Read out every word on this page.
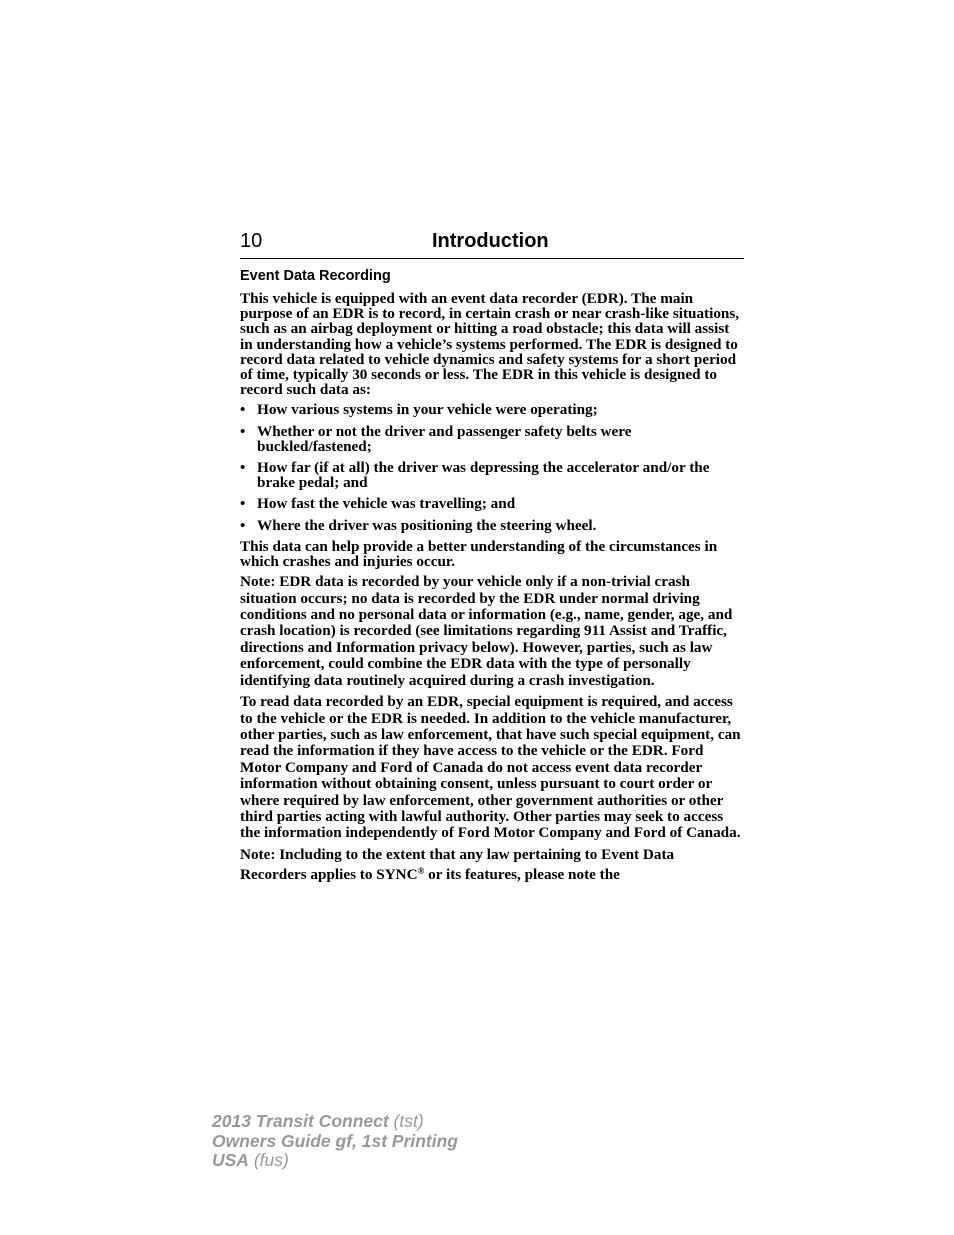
10	Introduction
Event Data Recording

This vehicle is equipped with an event data recorder (EDR). The main purpose of an EDR is to record, in certain crash or near crash-like situations, such as an airbag deployment or hitting a road obstacle; this data will assist in understanding how a vehicle’s systems performed. The EDR is designed to record data related to vehicle dynamics and safety systems for a short period of time, typically 30 seconds or less. The EDR in this vehicle is designed to record such data as:

• How various systems in your vehicle were operating;
• Whether or not the driver and passenger safety belts were buckled/fastened;
• How far (if at all) the driver was depressing the accelerator and/or the brake pedal; and
• How fast the vehicle was travelling; and
• Where the driver was positioning the steering wheel.

This data can help provide a better understanding of the circumstances in which crashes and injuries occur.

Note: EDR data is recorded by your vehicle only if a non-trivial crash situation occurs; no data is recorded by the EDR under normal driving conditions and no personal data or information (e.g., name, gender, age, and crash location) is recorded (see limitations regarding 911 Assist and Traffic, directions and Information privacy below). However, parties, such as law enforcement, could combine the EDR data with the type of personally identifying data routinely acquired during a crash investigation.

To read data recorded by an EDR, special equipment is required, and access to the vehicle or the EDR is needed. In addition to the vehicle manufacturer, other parties, such as law enforcement, that have such special equipment, can read the information if they have access to the vehicle or the EDR. Ford Motor Company and Ford of Canada do not access event data recorder information without obtaining consent, unless pursuant to court order or where required by law enforcement, other government authorities or other third parties acting with lawful authority. Other parties may seek to access the information independently of Ford Motor Company and Ford of Canada.

Note: Including to the extent that any law pertaining to Event Data Recorders applies to SYNC® or its features, please note the

2013 Transit Connect (tst)
Owners Guide gf, 1st Printing
USA (fus)
